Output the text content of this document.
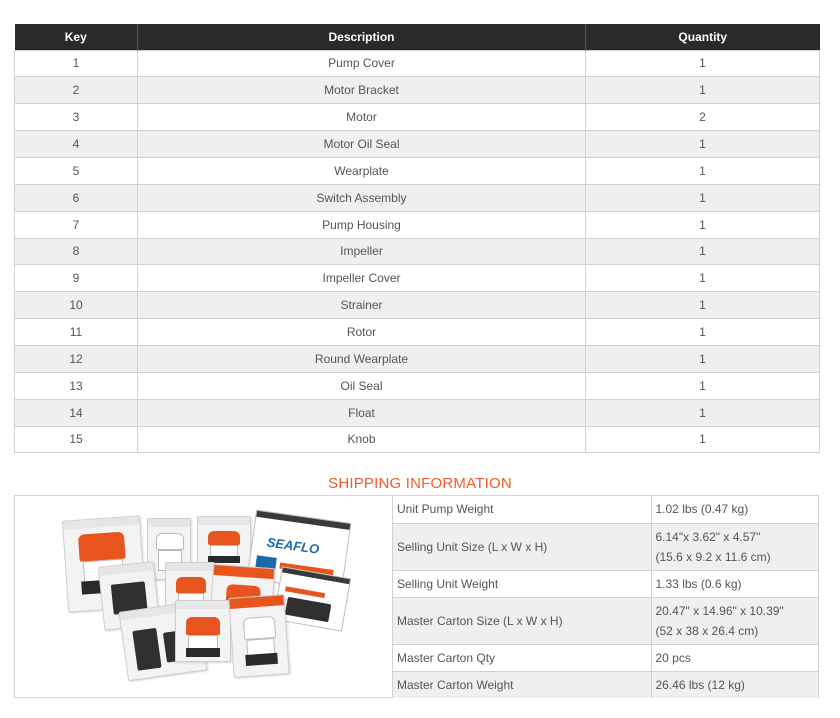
Key	Description	Quantity
1	Pump Cover	1
2	Motor Bracket	1
3	Motor	2
4	Motor Oil Seal	1
5	Wearplate	1
6	Switch Assembly	1
7	Pump Housing	1
8	Impeller	1
9	Impeller Cover	1
10	Strainer	1
11	Rotor	1
12	Round Wearplate	1
13	Oil Seal	1
14	Float	1
15	Knob	1
SHIPPING INFORMATION
SEAFLO
Unit Pump Weight	1.02 lbs (0.47 kg)

Selling Unit Size (L x W x H)	6.14"x 3.62" x 4.57"
(15.6 x 9.2 x 11.6 cm)

Selling Unit Weight	1.33 lbs (0.6 kg)

Master Carton Size (L x W x H)	20.47" x 14.96" x 10.39"
(52 x 38 x 26.4 cm)

Master Carton Qty	20 pcs

Master Carton Weight	26.46 lbs (12 kg)
